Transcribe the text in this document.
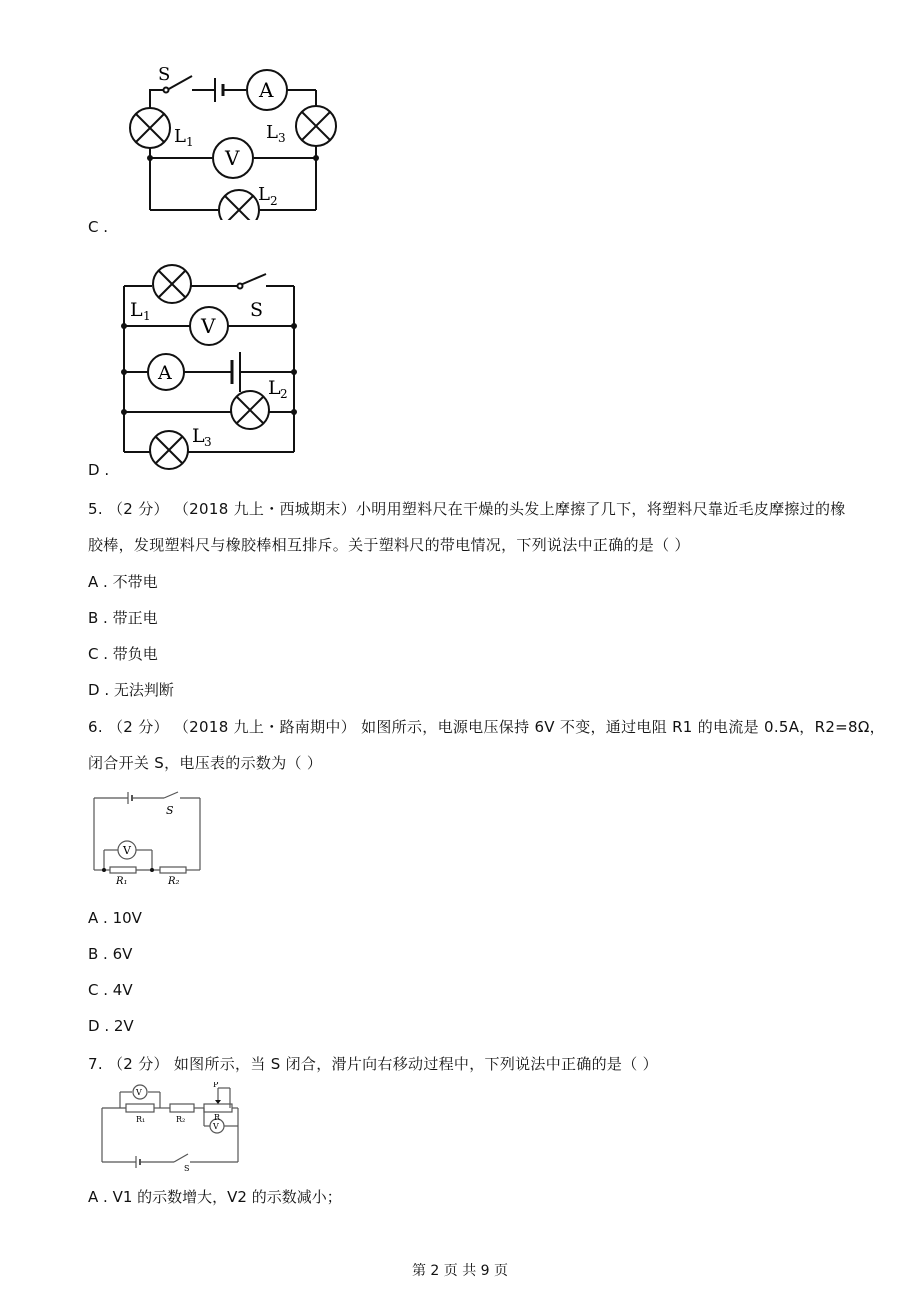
S
A
V
L 1	L 3
L 2
C .
L 1	S
V
A
L 2
L 3
D .
5. （2 分） （2018 九上・西城期末）小明用塑料尺在干燥的头发上摩擦了几下，将塑料尺靠近毛皮摩擦过的橡
胶棒，发现塑料尺与橡胶棒相互排斥。关于塑料尺的带电情况，下列说法中正确的是（ ）
A . 不带电
B . 带正电
C . 带负电
D . 无法判断
6. （2 分） （2018 九上・路南期中） 如图所示，电源电压保持 6V 不变，通过电阻 R1 的电流是 0.5A，R2=8Ω，
闭合开关 S，电压表的示数为（ ）
S
V
R₁	R₂
A . 10V
B . 6V
C . 4V
D . 2V
7. （2 分） 如图所示，当 S 闭合，滑片向右移动过程中，下列说法中正确的是（ ）
V
V
R₁	R₂	R
P
S
A . V1 的示数增大，V2 的示数减小；
第 2 页 共 9 页
